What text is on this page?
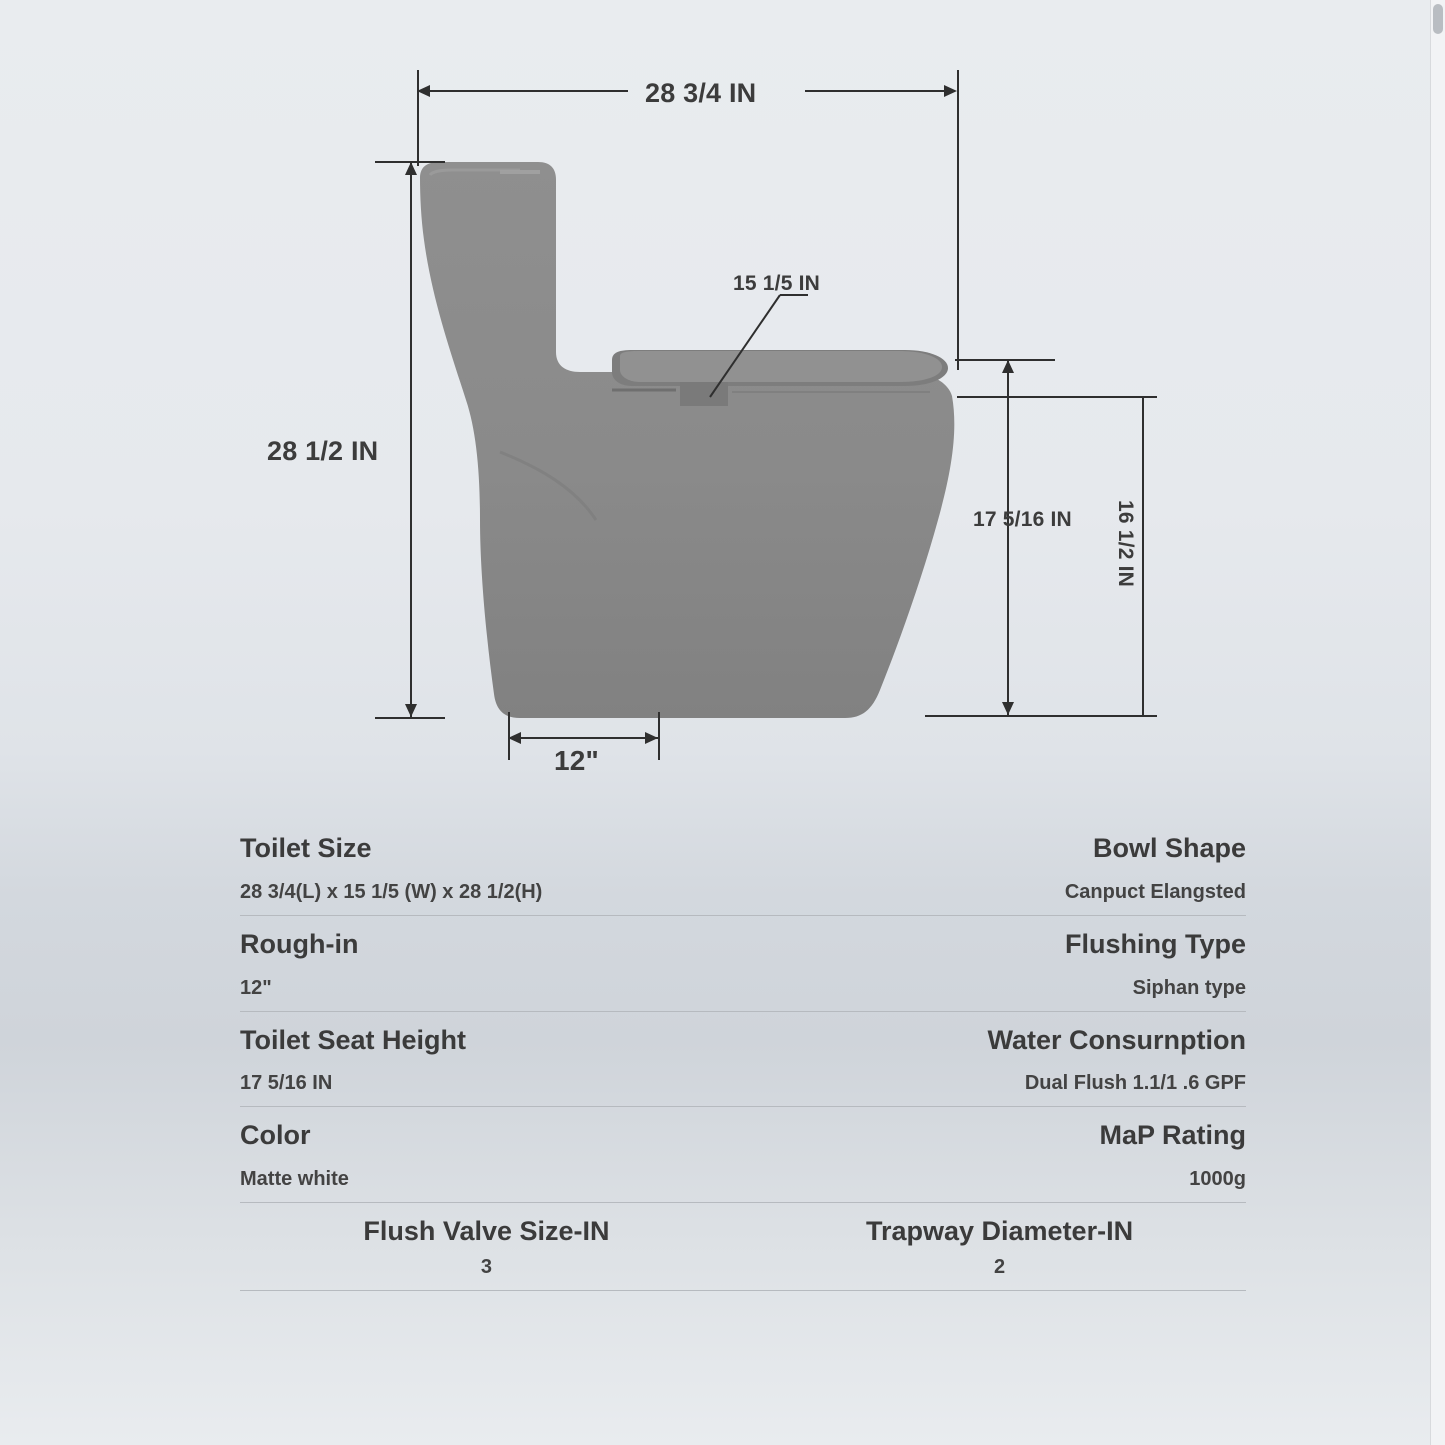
28 3/4 IN
28 1/2 IN
15 1/5 IN
17 5/16 IN 16 1/2 IN
12"
Toilet Size
28 3/4(L) x 15 1/5 (W) x 28 1/2(H)
Bowl Shape
Canpuct Elangsted
Rough-in
12"
Flushing Type
Siphan type
Toilet Seat Height
17 5/16 IN
Water Consurnption
Dual Flush 1.1/1 .6 GPF
Color
Matte white
MaP Rating
1000g
Flush Valve Size-IN
3
Trapway Diameter-IN
2
